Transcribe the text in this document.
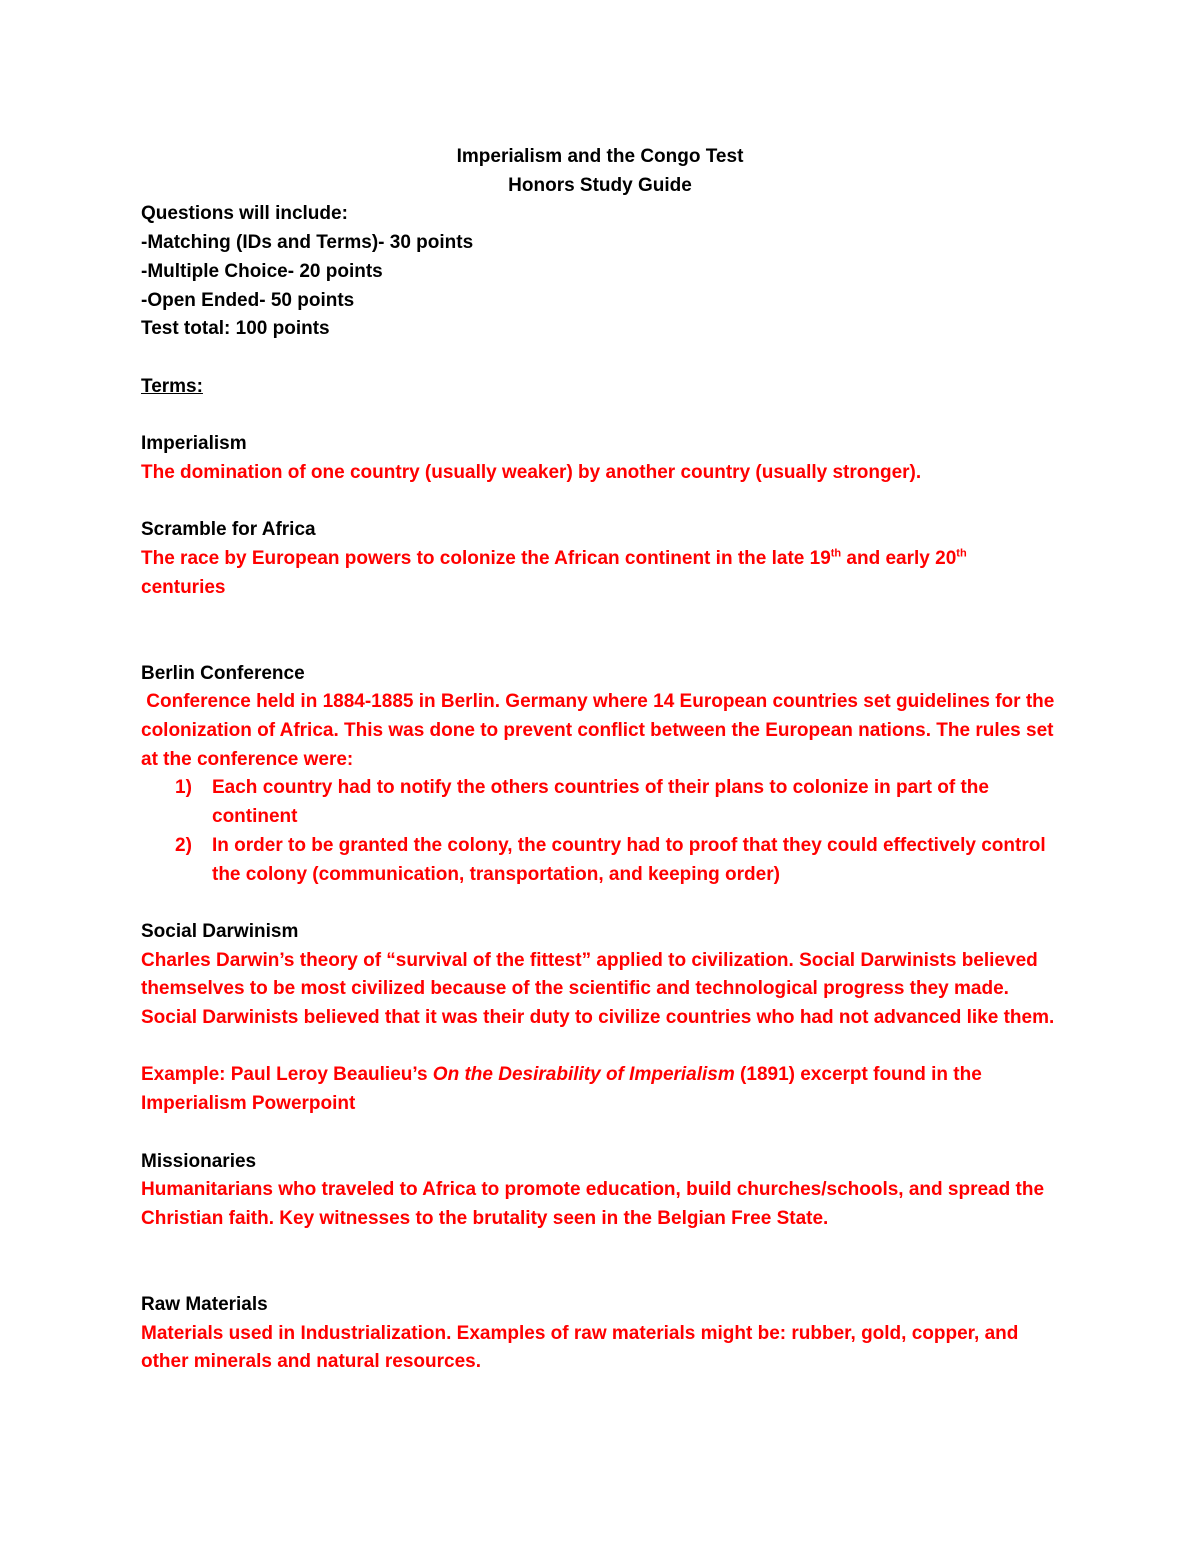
Imperialism and the Congo Test
Honors Study Guide
Questions will include:
-Matching (IDs and Terms)- 30 points
-Multiple Choice- 20 points
-Open Ended- 50 points
Test total: 100 points
Terms:
Imperialism
The domination of one country (usually weaker) by another country (usually stronger).
Scramble for Africa
The race by European powers to colonize the African continent in the late 19th and early 20th
centuries
Berlin Conference
Conference held in 1884-1885 in Berlin. Germany where 14 European countries set guidelines for the colonization of Africa. This was done to prevent conflict between the European nations. The rules set at the conference were:
1) Each country had to notify the others countries of their plans to colonize in part of the continent
2) In order to be granted the colony, the country had to proof that they could effectively control the colony (communication, transportation, and keeping order)
Social Darwinism
Charles Darwin’s theory of “survival of the fittest” applied to civilization. Social Darwinists believed themselves to be most civilized because of the scientific and technological progress they made. Social Darwinists believed that it was their duty to civilize countries who had not advanced like them.
Example: Paul Leroy Beaulieu’s On the Desirability of Imperialism (1891) excerpt found in the Imperialism Powerpoint
Missionaries
Humanitarians who traveled to Africa to promote education, build churches/schools, and spread the Christian faith. Key witnesses to the brutality seen in the Belgian Free State.
Raw Materials
Materials used in Industrialization. Examples of raw materials might be: rubber, gold, copper, and other minerals and natural resources.
